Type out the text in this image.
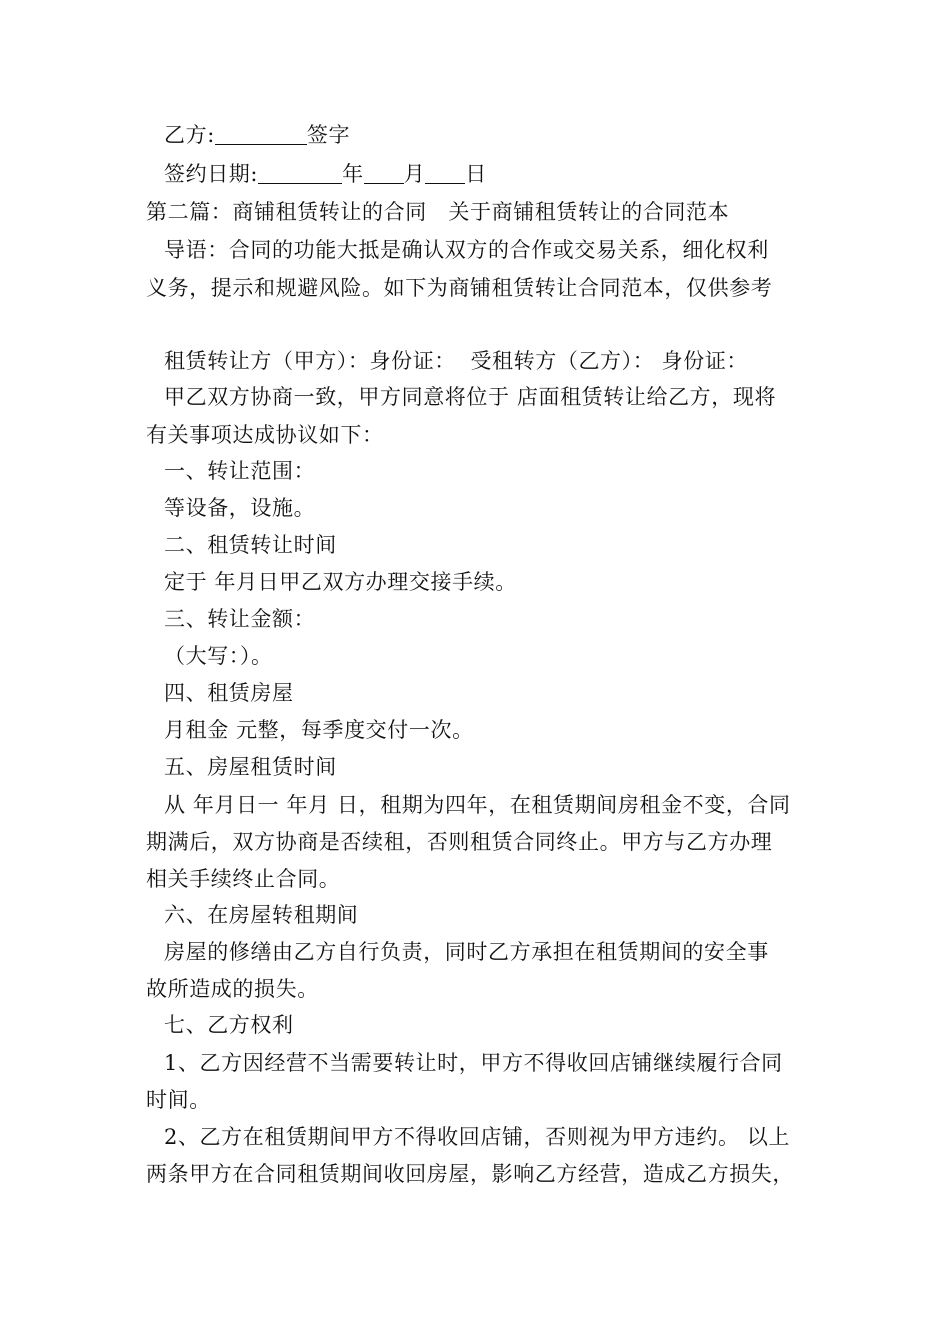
乙方:	签字
签约日期:	年 月 日
第二篇：商铺租赁转让的合同　关于商铺租赁转让的合同范本
导语：合同的功能大抵是确认双方的合作或交易关系，细化权利
义务，提示和规避风险。如下为商铺租赁转让合同范本，仅供参考
租赁转让方（甲方）：身份证：  受租转方（乙方）： 身份证：
甲乙双方协商一致，甲方同意将位于 店面租赁转让给乙方，现将
有关事项达成协议如下：
一、转让范围：
等设备，设施。
二、租赁转让时间
定于 年月日甲乙双方办理交接手续。
三、转让金额：
（大写：）。
四、租赁房屋
月租金 元整，每季度交付一次。
五、房屋租赁时间
从 年月日一 年月 日，租期为四年，在租赁期间房租金不变，合同
期满后，双方协商是否续租，否则租赁合同终止。甲方与乙方办理
相关手续终止合同。
六、在房屋转租期间
房屋的修缮由乙方自行负责，同时乙方承担在租赁期间的安全事
故所造成的损失。
七、乙方权利
1、乙方因经营不当需要转让时，甲方不得收回店铺继续履行合同
时间。
2、乙方在租赁期间甲方不得收回店铺，否则视为甲方违约。 以上
两条甲方在合同租赁期间收回房屋，影响乙方经营，造成乙方损失，
